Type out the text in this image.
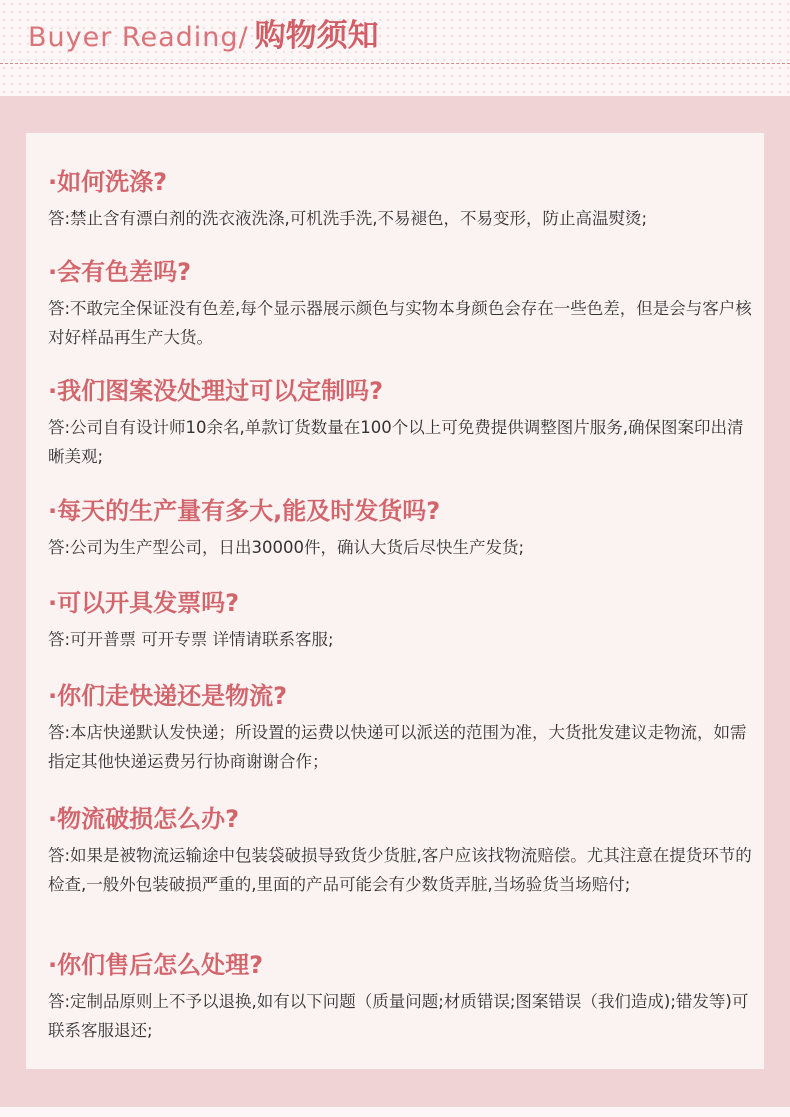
Buyer Reading/ 购物须知
·如何洗涤?
答:禁止含有漂白剂的洗衣液洗涤,可机洗手洗,不易褪色，不易变形，防止高温熨烫;
·会有色差吗?
答:不敢完全保证没有色差,每个显示器展示颜色与实物本身颜色会存在一些色差，但是会与客户核对好样品再生产大货。
·我们图案没处理过可以定制吗?
答:公司自有设计师10余名,单款订货数量在100个以上可免费提供调整图片服务,确保图案印出清晰美观;
·每天的生产量有多大,能及时发货吗?
答:公司为生产型公司，日出30000件，确认大货后尽快生产发货;
·可以开具发票吗?
答:可开普票 可开专票 详情请联系客服;
·你们走快递还是物流?
答:本店快递默认发快递；所设置的运费以快递可以派送的范围为准，大货批发建议走物流，如需指定其他快递运费另行协商谢谢合作；
·物流破损怎么办?
答:如果是被物流运输途中包装袋破损导致货少货脏,客户应该找物流赔偿。尤其注意在提货环节的检查,一般外包装破损严重的,里面的产品可能会有少数货弄脏,当场验货当场赔付;
·你们售后怎么处理?
答:定制品原则上不予以退换,如有以下问题（质量问题;材质错误;图案错误（我们造成);错发等)可联系客服退还;
